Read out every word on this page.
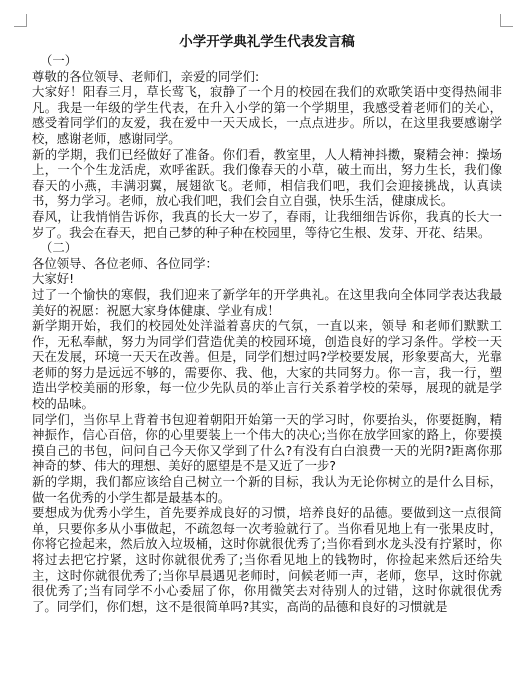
小学开学典礼学生代表发言稿
（一）
尊敬的各位领导、老师们，亲爱的同学们:
大家好！阳春三月，草长莺飞，寂静了一个月的校园在我们的欢歌笑语中变得热闹非凡。我是一年级的学生代表，在升入小学的第一个学期里，我感受着老师们的关心，感受着同学们的友爱，我在爱中一天天成长，一点点进步。所以，在这里我要感谢学校，感谢老师，感谢同学。
新的学期，我们已经做好了准备。你们看，教室里，人人精神抖擞，聚精会神：操场上，一个个生龙活虎，欢呼雀跃。我们像春天的小草，破土而出，努力生长，我们像春天的小燕，丰满羽翼，展翅欲飞。老师，相信我们吧，我们会迎接挑战，认真读书，努力学习。老师，放心我们吧，我们会自立自强，快乐生活，健康成长。
春风，让我悄悄告诉你，我真的长大一岁了，春雨，让我细细告诉你，我真的长大一岁了。我会在春天，把自己梦的种子种在校园里，等待它生根、发芽、开花、结果。
（二）
各位领导、各位老师、各位同学：
大家好!
过了一个愉快的寒假，我们迎来了新学年的开学典礼。在这里我向全体同学表达我最美好的祝愿：祝愿大家身体健康、学业有成！
新学期开始，我们的校园处处洋溢着喜庆的气氛，一直以来，领导 和老师们默默工作，无私奉献，努力为同学们营造优美的校园环境，创造良好的学习条件。学校一天天在发展，环境一天天在改善。但是，同学们想过吗?学校要发展，形象要高大，光靠老师的努力是远远不够的，需要你、我、他，大家的共同努力。你一言，我一行，塑造出学校美丽的形象，每一位少先队员的举止言行关系着学校的荣辱，展现的就是学校的品味。
同学们，当你早上背着书包迎着朝阳开始第一天的学习时，你要抬头，你要挺胸，精神振作，信心百倍，你的心里要装上一个伟大的决心;当你在放学回家的路上，你要摸摸自己的书包，问问自己今天你又学到了什么?有没有白白浪费一天的光阴?距离你那神奇的梦、伟大的理想、美好的愿望是不是又近了一步?
新的学期，我们都应该给自己树立一个新的目标，我认为无论你树立的是什么目标，做一名优秀的小学生都是最基本的。
要想成为优秀小学生，首先要养成良好的习惯，培养良好的品德。要做到这一点很简单，只要你多从小事做起，不疏忽每一次考验就行了。当你看见地上有一张果皮时，你将它捡起来，然后放入垃圾桶，这时你就很优秀了;当你看到水龙头没有拧紧时，你将过去把它拧紧，这时你就很优秀了;当你看见地上的钱物时，你捡起来然后还给失主，这时你就很优秀了;当你早晨遇见老师时，问候老师一声，老师，您早，这时你就很优秀了;当有同学不小心委屈了你，你用微笑去对待别人的过错，这时你就很优秀了。同学们，你们想，这不是很简单吗?其实，高尚的品德和良好的习惯就是
